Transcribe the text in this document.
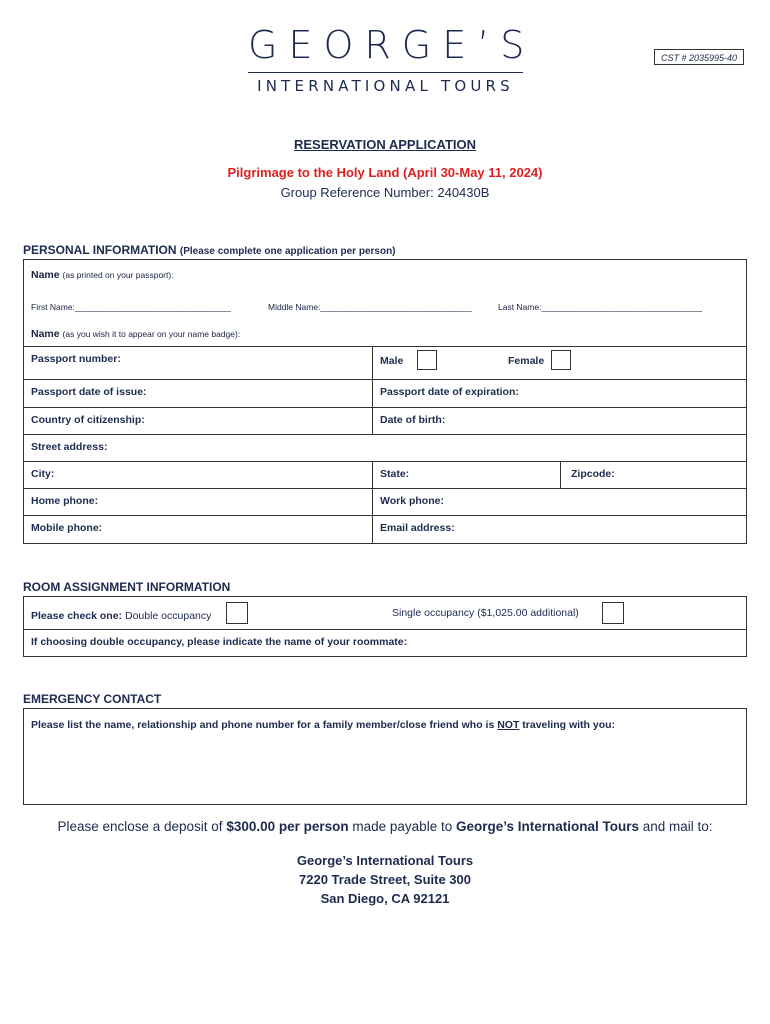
GEORGE’S
INTERNATIONAL TOURS
CST # 2035995-40
RESERVATION APPLICATION
Pilgrimage to the Holy Land (April 30-May 11, 2024)
Group Reference Number: 240430B
PERSONAL INFORMATION (Please complete one application per person)
Name (as printed on your passport):
First Name:_________________________________	Middle Name:________________________________	Last Name:__________________________________
Name (as you wish it to appear on your name badge):
Passport number:	Male	Female
Passport date of issue:	Passport date of expiration:
Country of citizenship:	Date of birth:
Street address:
City:	State:	Zipcode:
Home phone:	Work phone:
Mobile phone:	Email address:
ROOM ASSIGNMENT INFORMATION
Please check one: Double occupancy	Single occupancy ($1,025.00 additional)
If choosing double occupancy, please indicate the name of your roommate:
EMERGENCY CONTACT
Please list the name, relationship and phone number for a family member/close friend who is NOT traveling with you:
Please enclose a deposit of $300.00 per person made payable to George’s International Tours and mail to:
George’s International Tours
7220 Trade Street, Suite 300
San Diego, CA 92121
